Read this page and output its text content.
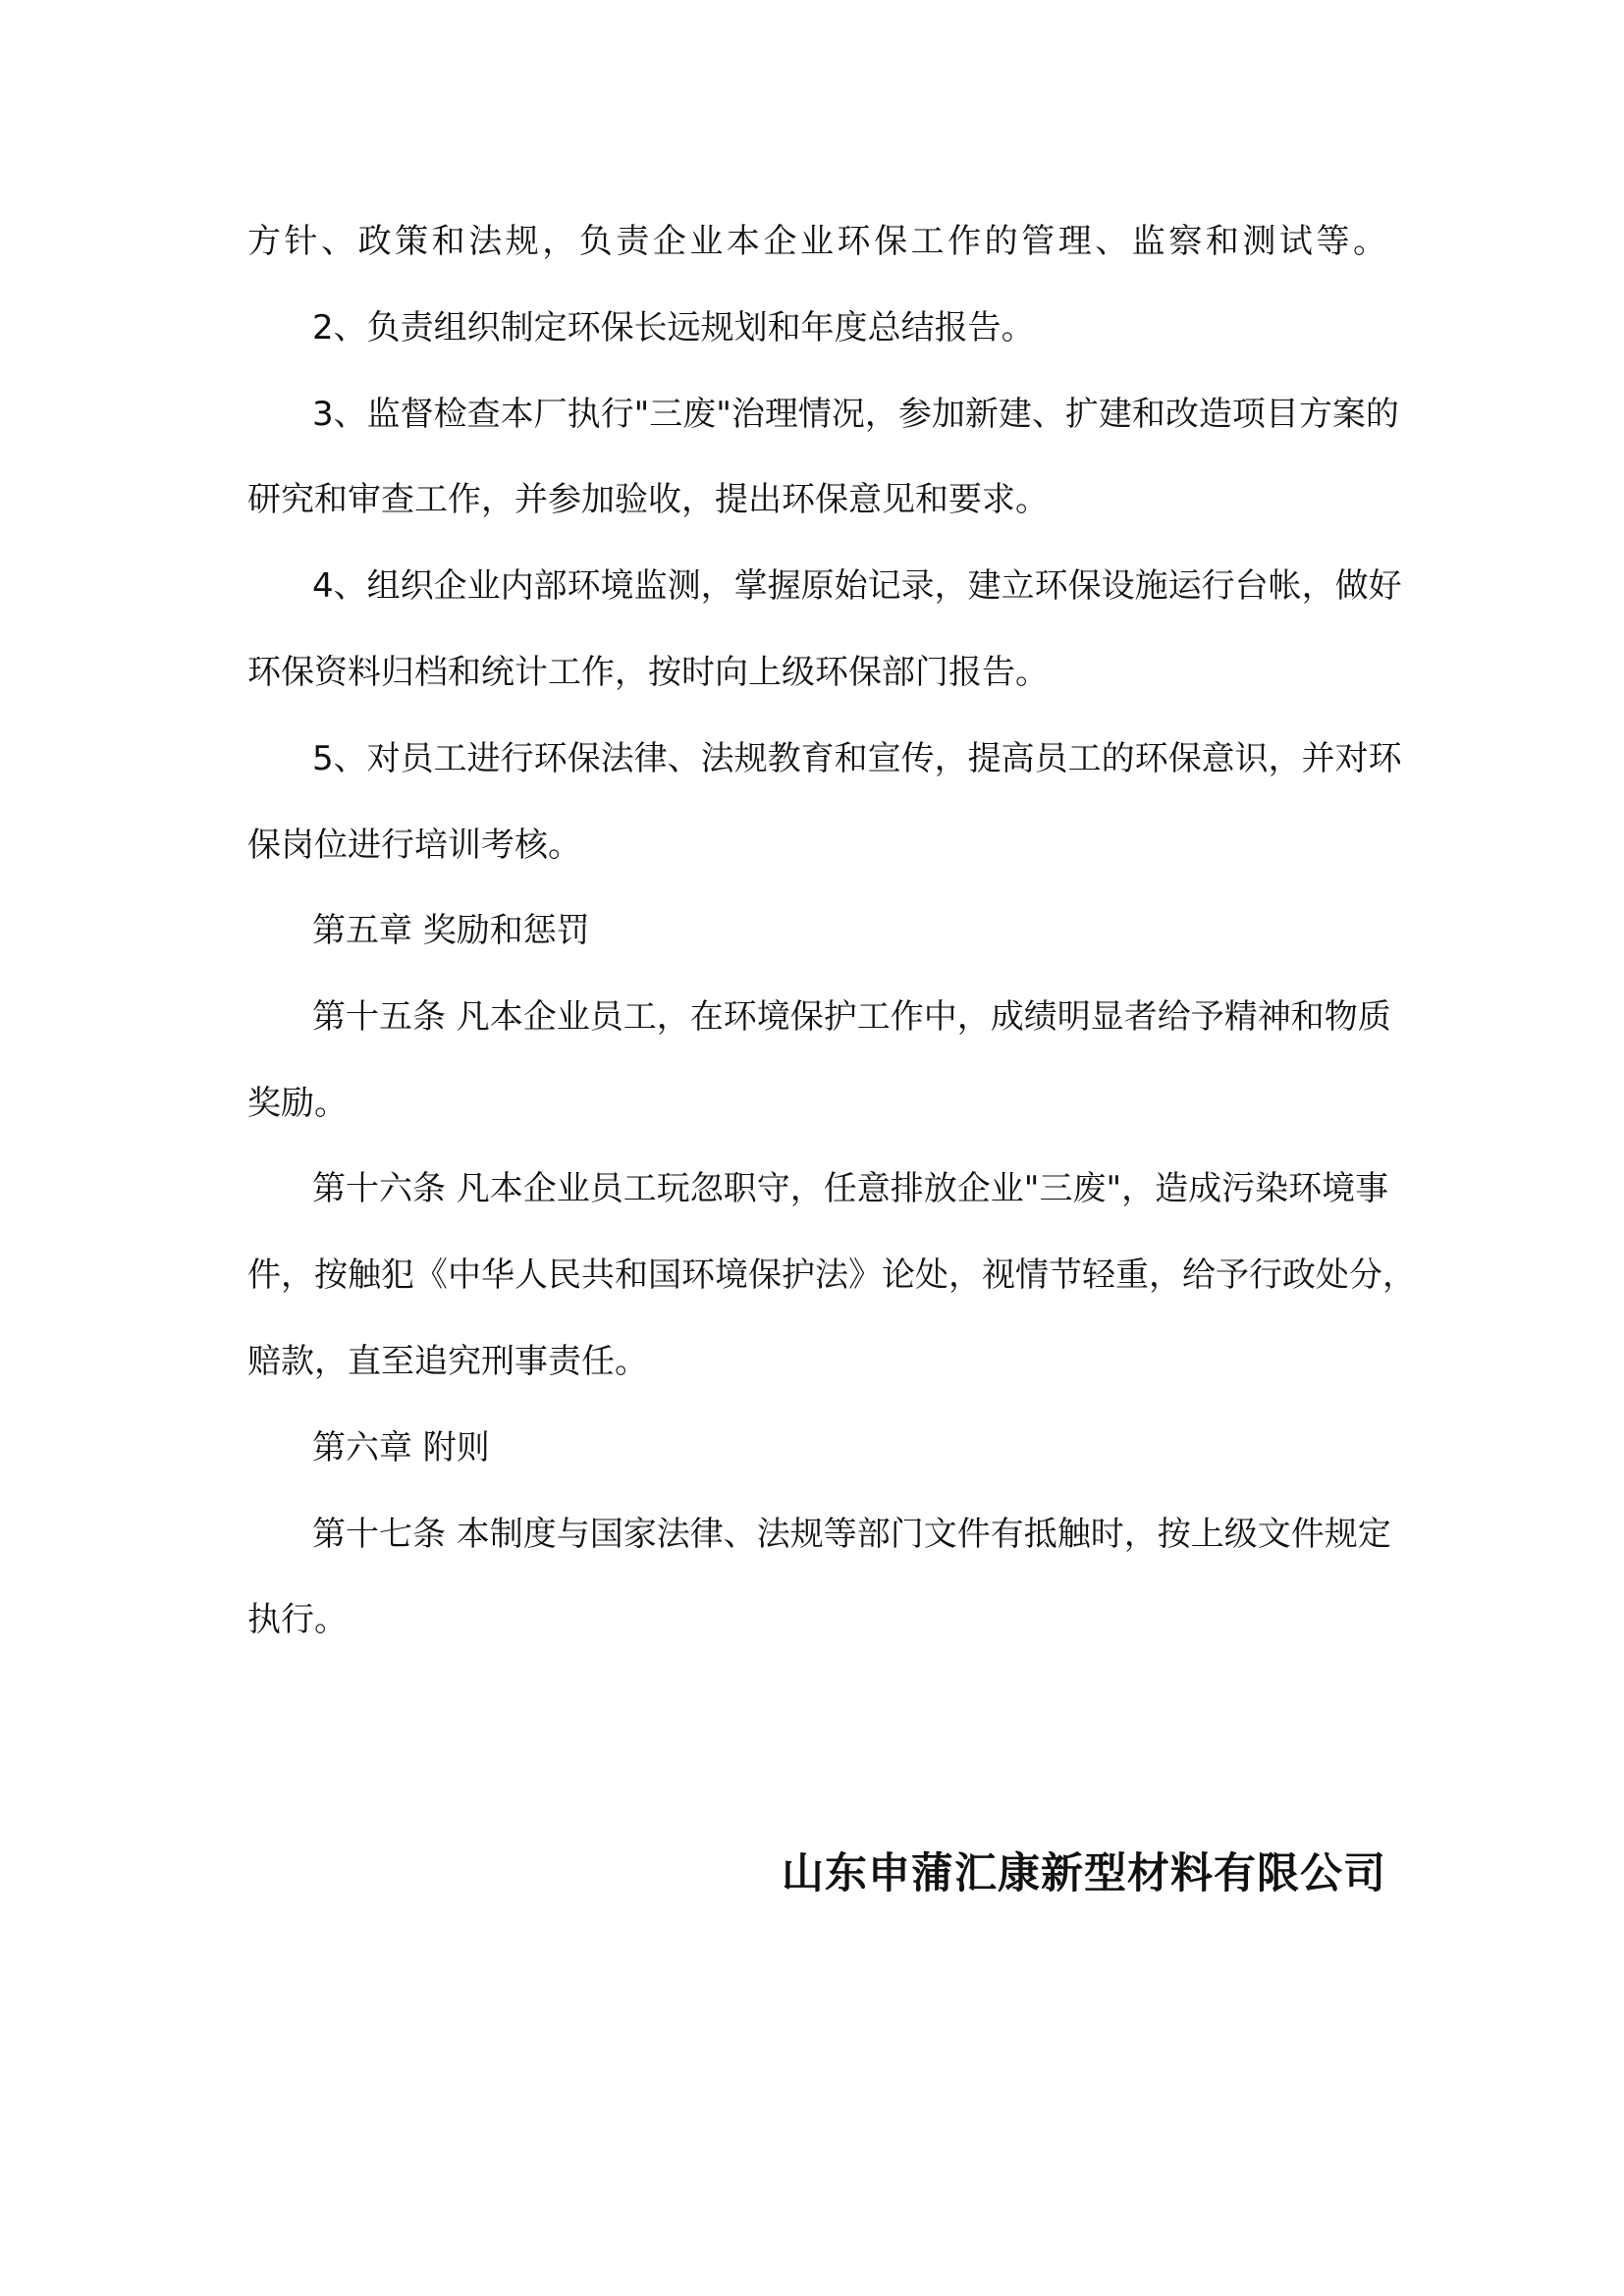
方针、政策和法规，负责企业本企业环保工作的管理、监察和测试等。
2、负责组织制定环保长远规划和年度总结报告。
3、监督检查本厂执行"三废"治理情况，参加新建、扩建和改造项目方案的
研究和审查工作，并参加验收，提出环保意见和要求。
4、组织企业内部环境监测，掌握原始记录，建立环保设施运行台帐，做好
环保资料归档和统计工作，按时向上级环保部门报告。
5、对员工进行环保法律、法规教育和宣传，提高员工的环保意识，并对环
保岗位进行培训考核。
第五章 奖励和惩罚
第十五条 凡本企业员工，在环境保护工作中，成绩明显者给予精神和物质
奖励。
第十六条 凡本企业员工玩忽职守，任意排放企业"三废"，造成污染环境事
件，按触犯《中华人民共和国环境保护法》论处，视情节轻重，给予行政处分，
赔款，直至追究刑事责任。
第六章 附则
第十七条 本制度与国家法律、法规等部门文件有抵触时，按上级文件规定
执行。
山东申蒲汇康新型材料有限公司
